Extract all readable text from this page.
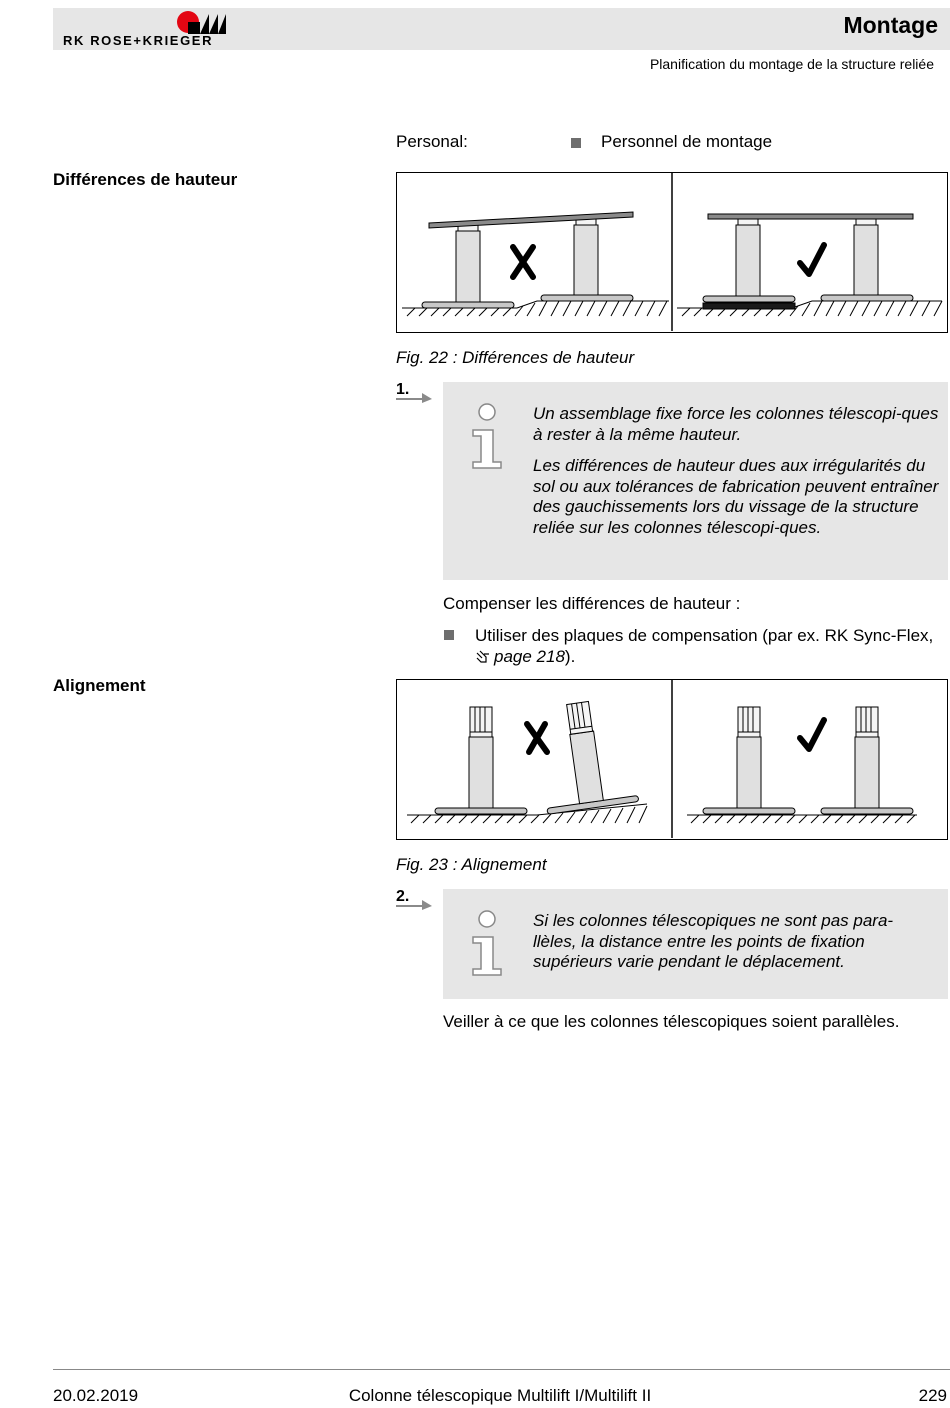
RK ROSE+KRIEGER
Montage
Planification du montage de la structure reliée
Personal:	Personnel de montage
Différences de hauteur
Fig. 22 : Différences de hauteur
1.

Un assemblage fixe force les colonnes télescopi-ques à rester à la même hauteur.

Les différences de hauteur dues aux irrégularités du sol ou aux tolérances de fabrication peuvent entraîner des gauchissements lors du vissage de la structure reliée sur les colonnes télescopi-ques.

Compenser les différences de hauteur :
Utiliser des plaques de compensation (par ex. RK Sync-Flex, page 218).
Alignement
Fig. 23 : Alignement
2.

Si les colonnes télescopiques ne sont pas para-llèles, la distance entre les points de fixation supérieurs varie pendant le déplacement.

Veiller à ce que les colonnes télescopiques soient parallèles.
20.02.2019	Colonne télescopique Multilift I/Multilift II	229
